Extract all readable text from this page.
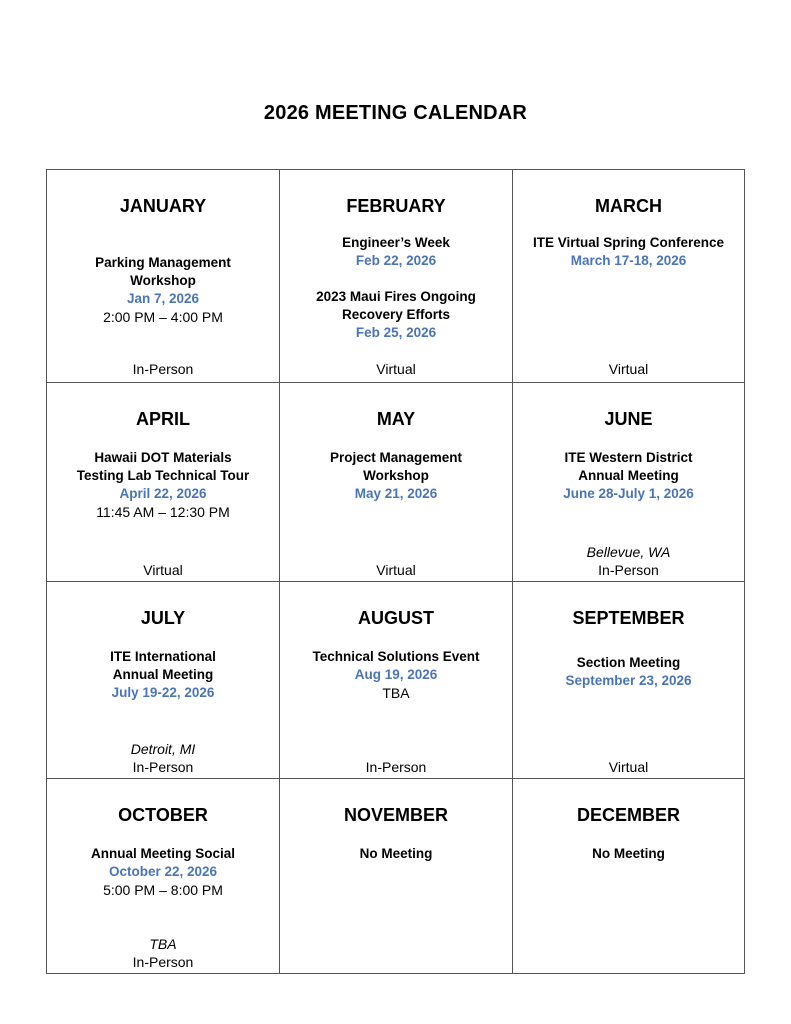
2026 MEETING CALENDAR
JANUARY
Parking Management
Workshop
Jan 7, 2026
2:00 PM – 4:00 PM
In-Person
FEBRUARY
Engineer’s Week
Feb 22, 2026
2023 Maui Fires Ongoing
Recovery Efforts
Feb 25, 2026
Virtual
MARCH
ITE Virtual Spring Conference
March 17-18, 2026
Virtual
APRIL
Hawaii DOT Materials
Testing Lab Technical Tour
April 22, 2026
11:45 AM – 12:30 PM
Virtual
MAY
Project Management
Workshop
May 21, 2026
Virtual
JUNE
ITE Western District
Annual Meeting
June 28-July 1, 2026
Bellevue, WA
In-Person
JULY
ITE International
Annual Meeting
July 19-22, 2026
Detroit, MI
In-Person
AUGUST
Technical Solutions Event
Aug 19, 2026
TBA
In-Person
SEPTEMBER
Section Meeting
September 23, 2026
Virtual
OCTOBER
Annual Meeting Social
October 22, 2026
5:00 PM – 8:00 PM
TBA
In-Person
NOVEMBER
No Meeting
DECEMBER
No Meeting
